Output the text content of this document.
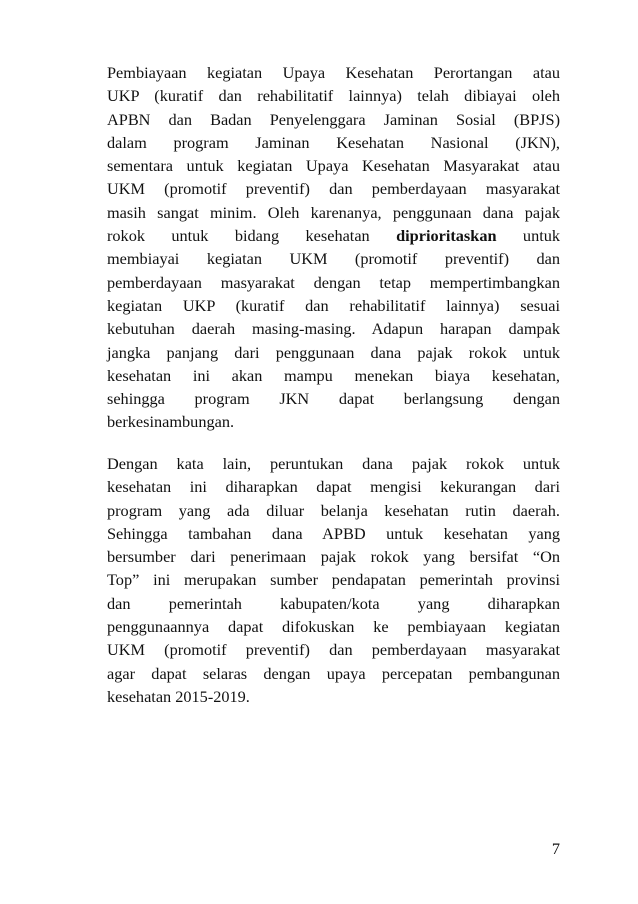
Pembiayaan kegiatan Upaya Kesehatan Perortangan atau
UKP (kuratif dan rehabilitatif lainnya) telah dibiayai oleh
APBN dan Badan Penyelenggara Jaminan Sosial (BPJS)
dalam program Jaminan Kesehatan Nasional (JKN),
sementara untuk kegiatan Upaya Kesehatan Masyarakat atau
UKM (promotif preventif) dan pemberdayaan masyarakat
masih sangat minim. Oleh karenanya, penggunaan dana pajak
rokok untuk bidang kesehatan diprioritaskan untuk
membiayai kegiatan UKM (promotif preventif) dan
pemberdayaan masyarakat dengan tetap mempertimbangkan
kegiatan UKP (kuratif dan rehabilitatif lainnya) sesuai
kebutuhan daerah masing-masing. Adapun harapan dampak
jangka panjang dari penggunaan dana pajak rokok untuk
kesehatan ini akan mampu menekan biaya kesehatan,
sehingga program JKN dapat berlangsung dengan
berkesinambungan.
Dengan kata lain, peruntukan dana pajak rokok untuk
kesehatan ini diharapkan dapat mengisi kekurangan dari
program yang ada diluar belanja kesehatan rutin daerah.
Sehingga tambahan dana APBD untuk kesehatan yang
bersumber dari penerimaan pajak rokok yang bersifat “On
Top” ini merupakan sumber pendapatan pemerintah provinsi
dan pemerintah kabupaten/kota yang diharapkan
penggunaannya dapat difokuskan ke pembiayaan kegiatan
UKM (promotif preventif) dan pemberdayaan masyarakat
agar dapat selaras dengan upaya percepatan pembangunan
kesehatan 2015-2019.
7
